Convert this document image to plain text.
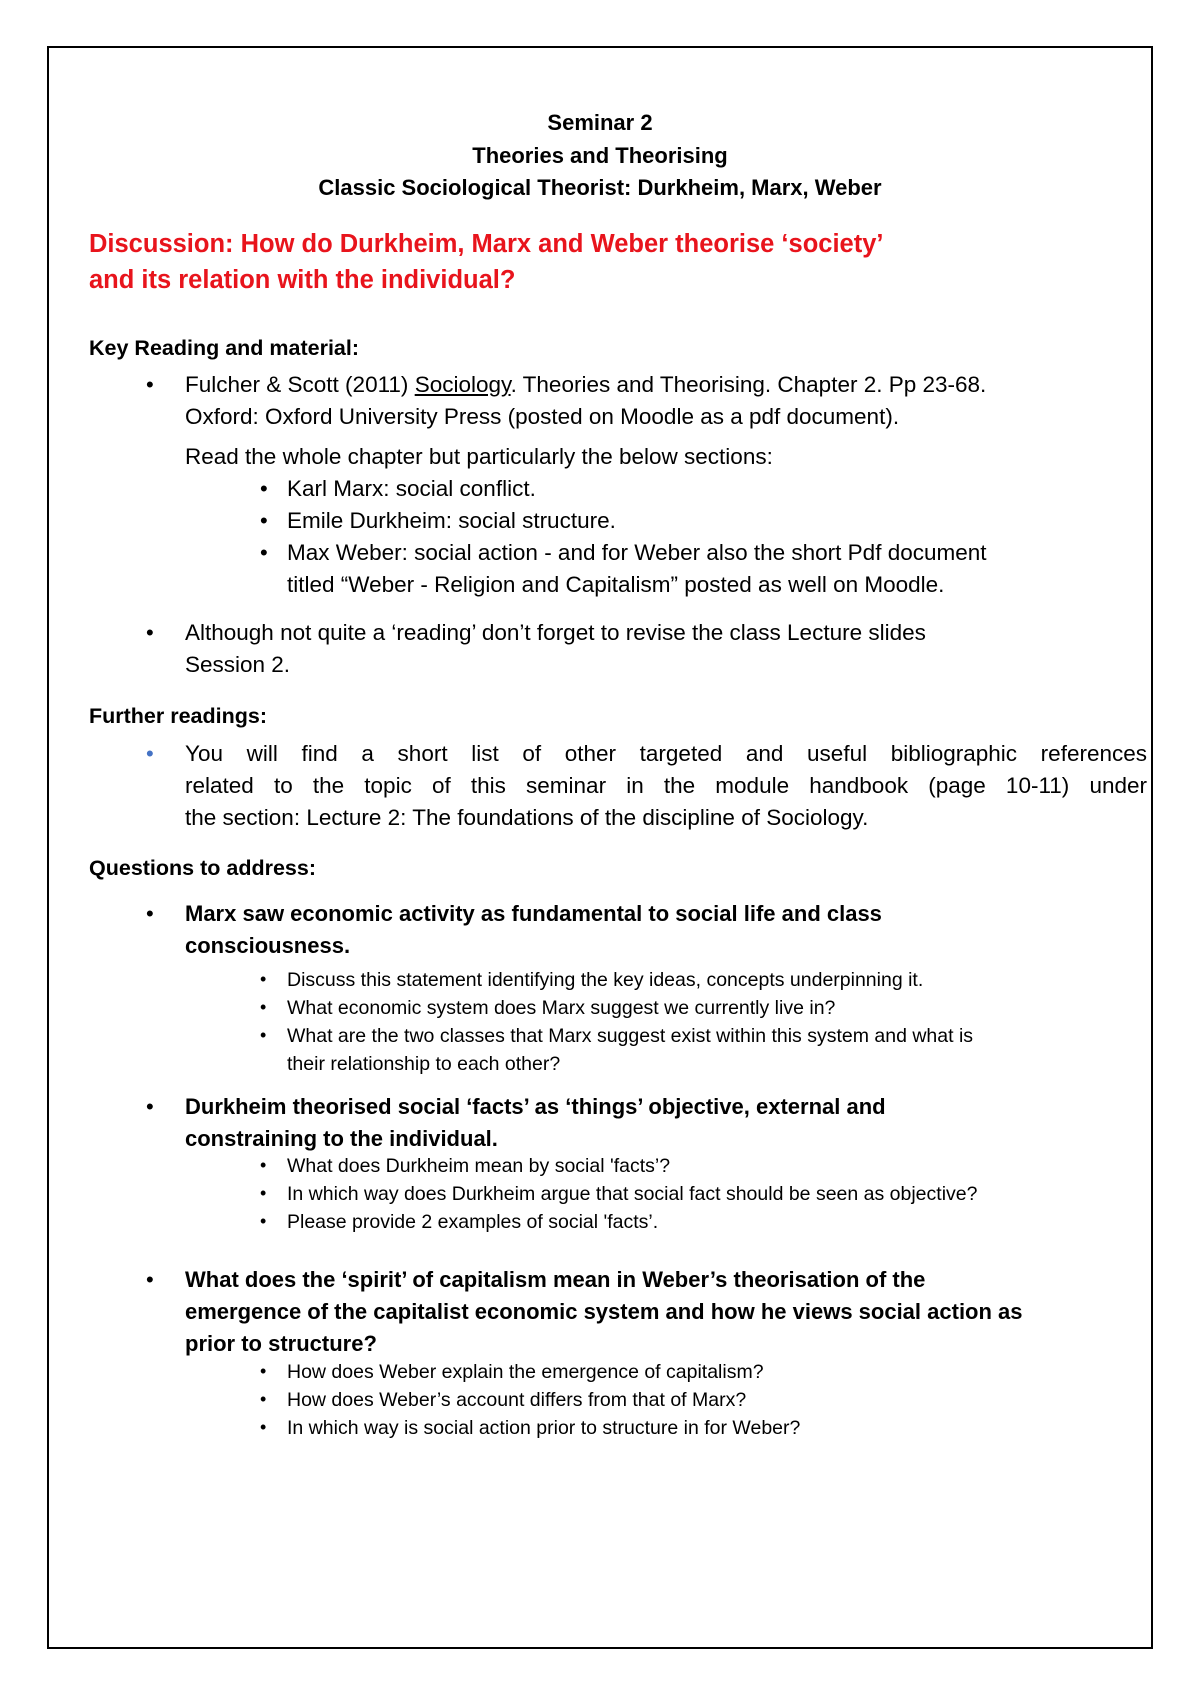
Seminar 2
Theories and Theorising
Classic Sociological Theorist: Durkheim, Marx, Weber
Discussion: How do Durkheim, Marx and Weber theorise ‘society’
and its relation with the individual?
Key Reading and material:
• Fulcher & Scott (2011) Sociology. Theories and Theorising. Chapter 2. Pp 23-68.
Oxford: Oxford University Press (posted on Moodle as a pdf document).
Read the whole chapter but particularly the below sections:
• Karl Marx: social conflict.
• Emile Durkheim: social structure.
• Max Weber: social action - and for Weber also the short Pdf document
titled “Weber - Religion and Capitalism” posted as well on Moodle.
• Although not quite a ‘reading’ don’t forget to revise the class Lecture slides
Session 2.
Further readings:
• You will find a short list of other targeted and useful bibliographic references
related to the topic of this seminar in the module handbook (page 10-11) under
the section: Lecture 2: The foundations of the discipline of Sociology.
Questions to address:
• Marx saw economic activity as fundamental to social life and class
consciousness.
• Discuss this statement identifying the key ideas, concepts underpinning it.
• What economic system does Marx suggest we currently live in?
• What are the two classes that Marx suggest exist within this system and what is
their relationship to each other?
• Durkheim theorised social ‘facts’ as ‘things’ objective, external and
constraining to the individual.
• What does Durkheim mean by social 'facts’?
• In which way does Durkheim argue that social fact should be seen as objective?
• Please provide 2 examples of social 'facts’.
• What does the ‘spirit’ of capitalism mean in Weber’s theorisation of the
emergence of the capitalist economic system and how he views social action as
prior to structure?
• How does Weber explain the emergence of capitalism?
• How does Weber’s account differs from that of Marx?
• In which way is social action prior to structure in for Weber?
